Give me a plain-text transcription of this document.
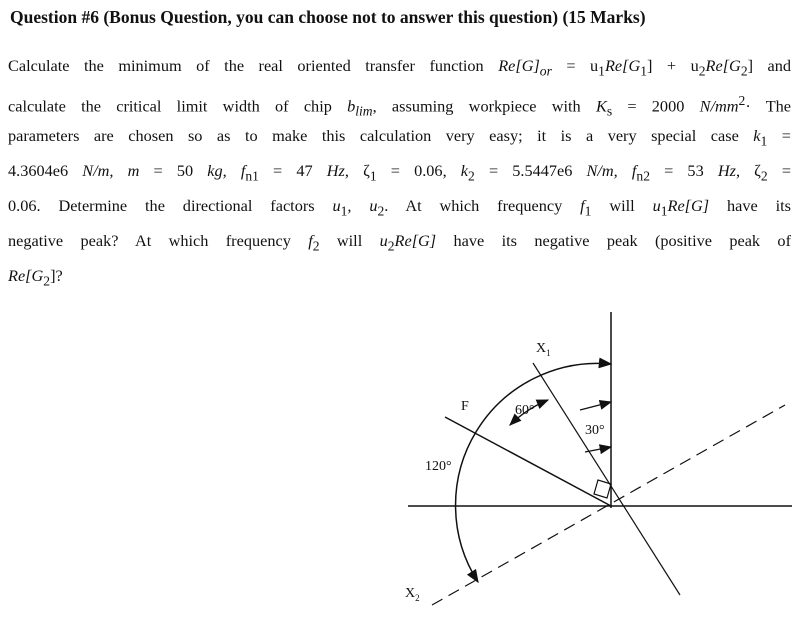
Question #6 (Bonus Question, you can choose not to answer this question) (15 Marks)
Calculate the minimum of the real oriented transfer function $Re[G]_{or} = u_1Re[G_1] + u_2Re[G_2]$ and
calculate the critical limit width of chip $b_{lim}$, assuming workpiece with $K_s = 2000$ $N/mm^2\cdot$ The
parameters are chosen so as to make this calculation very easy; it is a very special case $k_1$ =
4.3604e6 N/m, m = 50 kg, $f_{n1} = 47$ Hz, $\zeta_1 = 0.06$, $k_2 = 5.5447e6$ N/m, $f_{n2} = 53$ Hz, $\zeta_2$ =
0.06. Determine the directional factors $u_1$, $u_2$. At which frequency $f_1$ will $u_1Re[G]$ have its
negative peak? At which frequency $f_2$ will $u_2Re[G]$ have its negative peak (positive peak of
$Re[G_2]$?
$X_1$
F	60°
30°
120°
$X_2$
